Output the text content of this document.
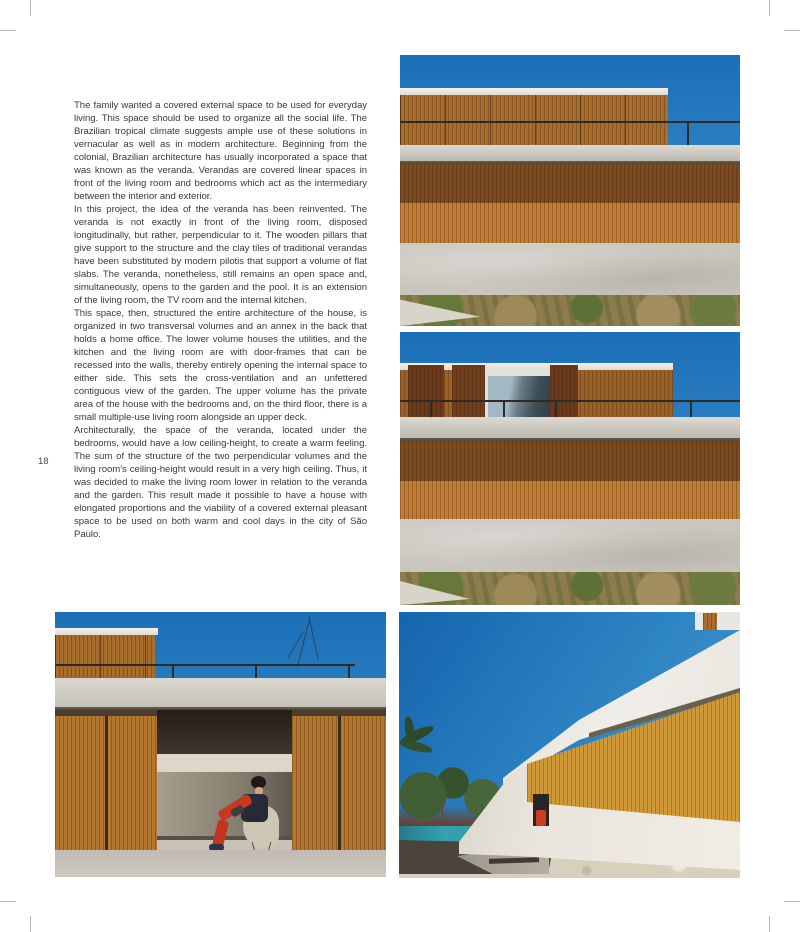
18

The family wanted a covered external space to be used for everyday living. This space should be used to organize all the social life. The Brazilian tropical climate suggests ample use of these solutions in vernacular as well as in modern architecture. Beginning from the colonial, Brazilian architecture has usually incorporated a space that was known as the veranda. Verandas are covered linear spaces in front of the living room and bedrooms which act as the intermediary between the interior and exterior.

In this project, the idea of the veranda has been reinvented. The veranda is not exactly in front of the living room, disposed longitudinally, but rather, perpendicular to it. The wooden pillars that give support to the structure and the clay tiles of traditional verandas have been substituted by modern pilotis that support a volume of flat slabs. The veranda, nonetheless, still remains an open space and, simultaneously, opens to the garden and the pool. It is an extension of the living room, the TV room and the internal kitchen.

This space, then, structured the entire architecture of the house, is organized in two transversal volumes and an annex in the back that holds a home office. The lower volume houses the utilities, and the kitchen and the living room are with door-frames that can be recessed into the walls, thereby entirely opening the internal space to either side. This sets the cross-ventilation and an unfettered contiguous view of the garden. The upper volume has the private area of the house with the bedrooms and, on the third floor, there is a small multiple-use living room alongside an upper deck.

Architecturally, the space of the veranda, located under the bedrooms, would have a low ceiling-height, to create a warm feeling. The sum of the structure of the two perpendicular volumes and the living room's ceiling-height would result in a very high ceiling. Thus, it was decided to make the living room lower in relation to the veranda and the garden. This result made it possible to have a house with elongated proportions and the viability of a covered external pleasant space to be used on both warm and cool days in the city of São Paulo.
